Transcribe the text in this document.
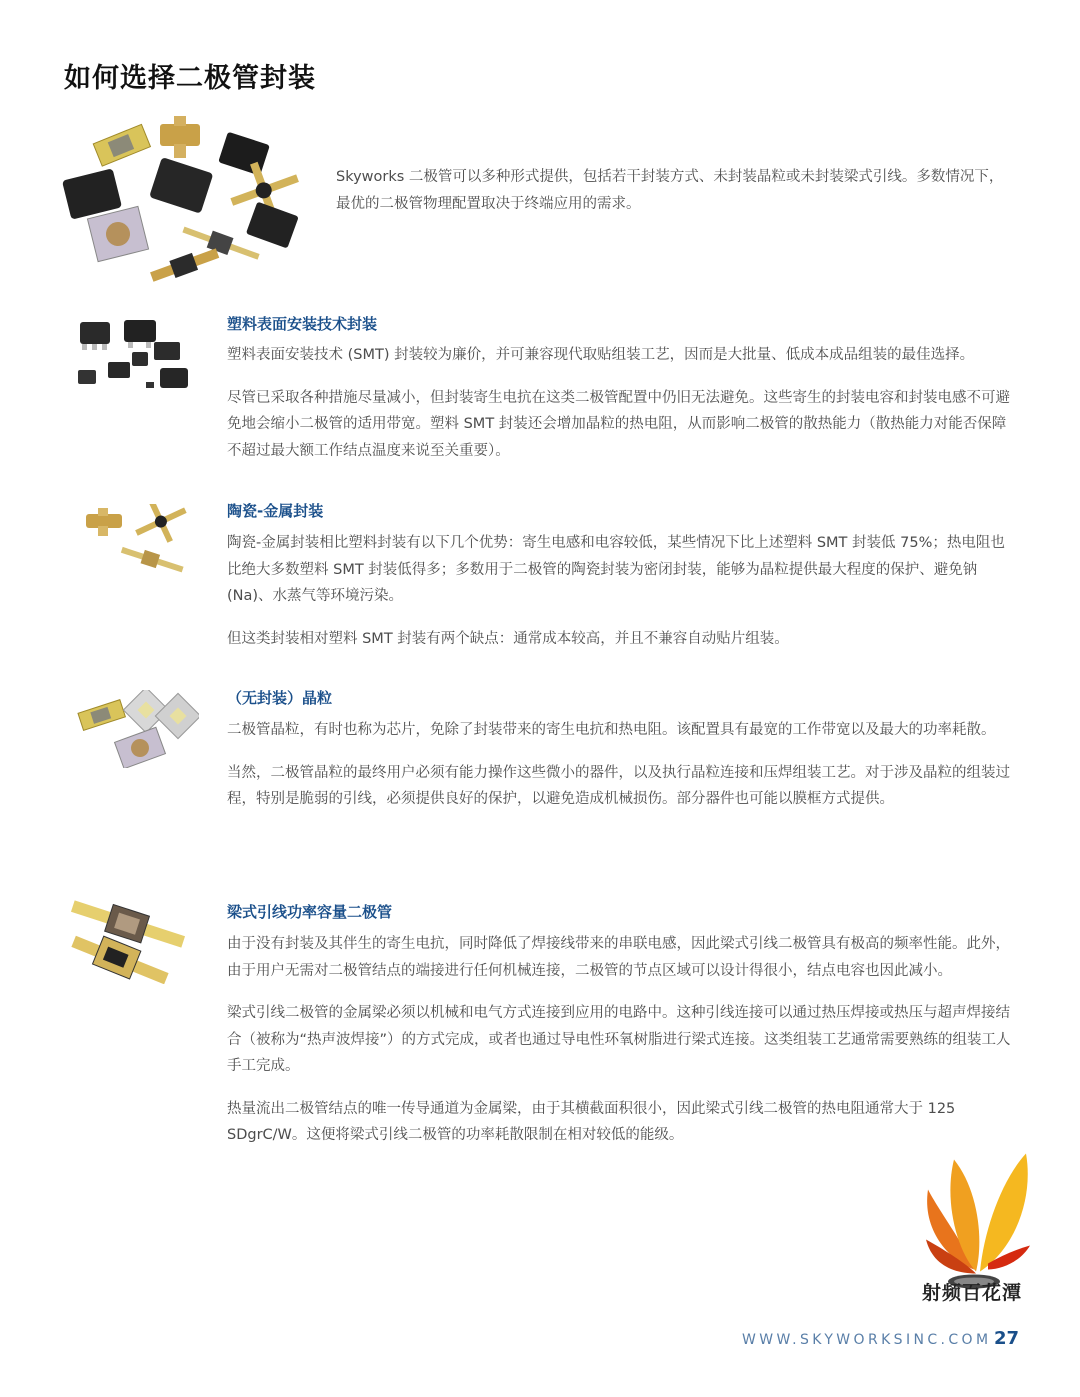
如何选择二极管封装

Skyworks 二极管可以多种形式提供，包括若干封装方式、未封装晶粒或未封装梁式引线。多数情况下，最优的二极管物理配置取决于终端应用的需求。

塑料表面安装技术封装

塑料表面安装技术 (SMT) 封装较为廉价，并可兼容现代取贴组装工艺，因而是大批量、低成本成品组装的最佳选择。

尽管已采取各种措施尽量减小，但封装寄生电抗在这类二极管配置中仍旧无法避免。这些寄生的封装电容和封装电感不可避免地会缩小二极管的适用带宽。塑料 SMT 封装还会增加晶粒的热电阻，从而影响二极管的散热能力（散热能力对能否保障不超过最大额工作结点温度来说至关重要）。

陶瓷-金属封装

陶瓷-金属封装相比塑料封装有以下几个优势：寄生电感和电容较低，某些情况下比上述塑料 SMT 封装低 75%；热电阻也比绝大多数塑料 SMT 封装低得多；多数用于二极管的陶瓷封装为密闭封装，能够为晶粒提供最大程度的保护、避免钠 (Na)、水蒸气等环境污染。

但这类封装相对塑料 SMT 封装有两个缺点：通常成本较高，并且不兼容自动贴片组装。

（无封装）晶粒

二极管晶粒，有时也称为芯片，免除了封装带来的寄生电抗和热电阻。该配置具有最宽的工作带宽以及最大的功率耗散。

当然，二极管晶粒的最终用户必须有能力操作这些微小的器件，以及执行晶粒连接和压焊组装工艺。对于涉及晶粒的组装过程，特别是脆弱的引线，必须提供良好的保护，以避免造成机械损伤。部分器件也可能以膜框方式提供。

梁式引线功率容量二极管

由于没有封装及其伴生的寄生电抗，同时降低了焊接线带来的串联电感，因此梁式引线二极管具有极高的频率性能。此外，由于用户无需对二极管结点的端接进行任何机械连接，二极管的节点区域可以设计得很小，结点电容也因此减小。

梁式引线二极管的金属梁必须以机械和电气方式连接到应用的电路中。这种引线连接可以通过热压焊接或热压与超声焊接结合（被称为“热声波焊接”）的方式完成，或者也通过导电性环氧树脂进行梁式连接。这类组装工艺通常需要熟练的组装工人手工完成。

热量流出二极管结点的唯一传导通道为金属梁，由于其横截面积很小，因此梁式引线二极管的热电阻通常大于 125 SDgrC/W。这便将梁式引线二极管的功率耗散限制在相对较低的能级。

射频百花潭
WWW.SKYWORKSINC.COM 27
